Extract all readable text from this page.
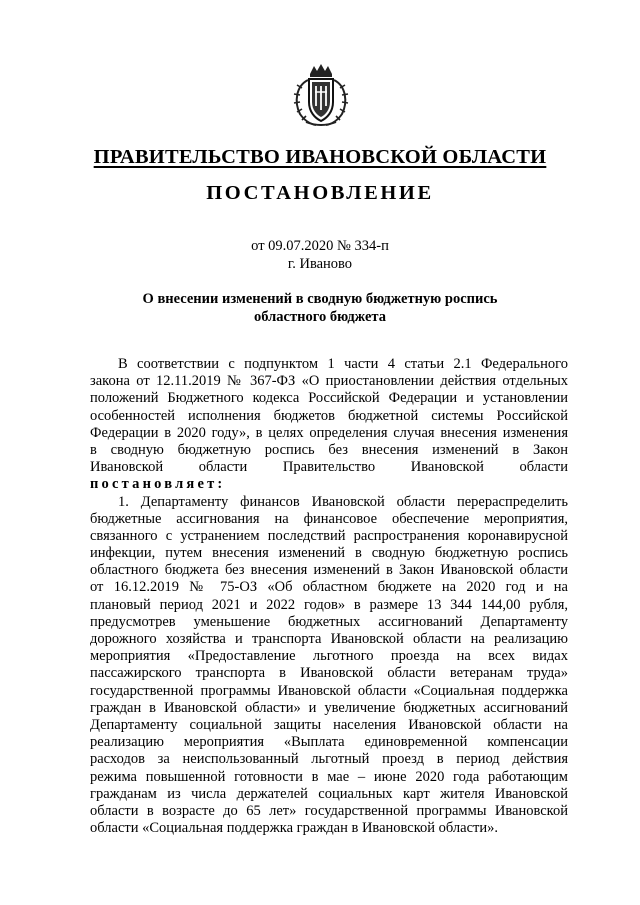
ПРАВИТЕЛЬСТВО ИВАНОВСКОЙ ОБЛАСТИ
ПОСТАНОВЛЕНИЕ
от 09.07.2020 № 334-п
г. Иваново
О внесении изменений в сводную бюджетную роспись
областного бюджета
В соответствии с подпунктом 1 части 4 статьи 2.1 Федерального
закона от 12.11.2019 № 367-ФЗ «О приостановлении действия отдельных
положений Бюджетного кодекса Российской Федерации и установлении
особенностей исполнения бюджетов бюджетной системы Российской
Федерации в 2020 году», в целях определения случая внесения изменения
в сводную бюджетную роспись без внесения изменений в Закон
Ивановской области Правительство Ивановской области
постановляет:
1. Департаменту финансов Ивановской области перераспределить
бюджетные ассигнования на финансовое обеспечение мероприятия,
связанного с устранением последствий распространения коронавирусной
инфекции, путем внесения изменений в сводную бюджетную роспись
областного бюджета без внесения изменений в Закон Ивановской области
от 16.12.2019 № 75-ОЗ «Об областном бюджете на 2020 год и на
плановый период 2021 и 2022 годов» в размере 13 344 144,00 рубля,
предусмотрев уменьшение бюджетных ассигнований Департаменту
дорожного хозяйства и транспорта Ивановской области на реализацию
мероприятия «Предоставление льготного проезда на всех видах
пассажирского транспорта в Ивановской области ветеранам труда»
государственной программы Ивановской области «Социальная поддержка
граждан в Ивановской области» и увеличение бюджетных ассигнований
Департаменту социальной защиты населения Ивановской области на
реализацию мероприятия «Выплата единовременной компенсации
расходов за неиспользованный льготный проезд в период действия
режима повышенной готовности в мае – июне 2020 года работающим
гражданам из числа держателей социальных карт жителя Ивановской
области в возрасте до 65 лет» государственной программы Ивановской
области «Социальная поддержка граждан в Ивановской области».
